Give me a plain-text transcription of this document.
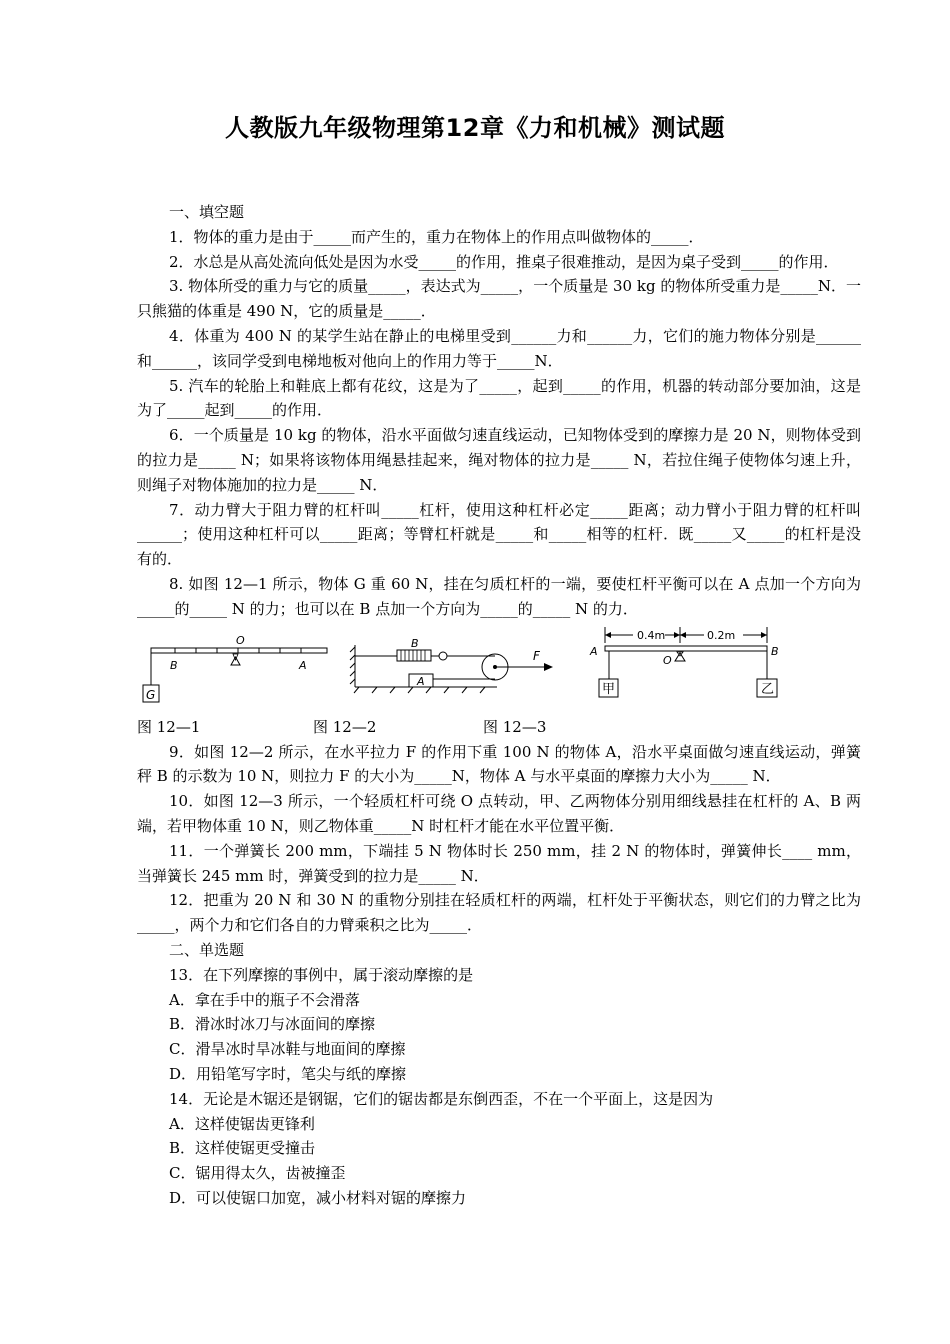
人教版九年级物理第12章《力和机械》测试题

一、填空题

1．物体的重力是由于_____而产生的，重力在物体上的作用点叫做物体的_____．

2．水总是从高处流向低处是因为水受_____的作用，推桌子很难推动，是因为桌子受到_____的作用．

3. 物体所受的重力与它的质量_____，表达式为_____，一个质量是 30 kg 的物体所受重力是_____N．一只熊猫的体重是 490 N，它的质量是_____．

4．体重为 400 N 的某学生站在静止的电梯里受到______力和______力，它们的施力物体分别是______和______，该同学受到电梯地板对他向上的作用力等于_____N．

5. 汽车的轮胎上和鞋底上都有花纹，这是为了_____，起到_____的作用，机器的转动部分要加油，这是为了_____起到_____的作用．

6．一个质量是 10 kg 的物体，沿水平面做匀速直线运动，已知物体受到的摩擦力是 20 N，则物体受到的拉力是_____ N；如果将该物体用绳悬挂起来，绳对物体的拉力是_____ N，若拉住绳子使物体匀速上升，则绳子对物体施加的拉力是_____ N．

7．动力臂大于阻力臂的杠杆叫_____杠杆，使用这种杠杆必定_____距离；动力臂小于阻力臂的杠杆叫______；使用这种杠杆可以_____距离；等臂杠杆就是_____和_____相等的杠杆．既_____又_____的杠杆是没有的．

8. 如图 12—1 所示，物体 G 重 60 N，挂在匀质杠杆的一端，要使杠杆平衡可以在 A 点加一个方向为_____的_____ N 的力；也可以在 B 点加一个方向为_____的_____ N 的力．

G
B
O
A
B
A
F
0.4m	0.2m
A
O
B
甲	乙
图 12—1	图 12—2	图 12—3

9．如图 12—2 所示，在水平拉力 F 的作用下重 100 N 的物体 A，沿水平桌面做匀速直线运动，弹簧秤 B 的示数为 10 N，则拉力 F 的大小为_____N，物体 A 与水平桌面的摩擦力大小为_____ N．

10．如图 12—3 所示，一个轻质杠杆可绕 O 点转动，甲、乙两物体分别用细线悬挂在杠杆的 A、B 两端，若甲物体重 10 N，则乙物体重_____N 时杠杆才能在水平位置平衡．

11．一个弹簧长 200 mm，下端挂 5 N 物体时长 250 mm，挂 2 N 的物体时，弹簧伸长____ mm，当弹簧长 245 mm 时，弹簧受到的拉力是_____ N．

12．把重为 20 N 和 30 N 的重物分别挂在轻质杠杆的两端，杠杆处于平衡状态，则它们的力臂之比为_____，两个力和它们各自的力臂乘积之比为_____．

二、单选题

13．在下列摩擦的事例中，属于滚动摩擦的是

A．拿在手中的瓶子不会滑落

B．滑冰时冰刀与冰面间的摩擦

C．滑旱冰时旱冰鞋与地面间的摩擦

D．用铅笔写字时，笔尖与纸的摩擦

14．无论是木锯还是钢锯，它们的锯齿都是东倒西歪，不在一个平面上，这是因为

A．这样使锯齿更锋利

B．这样使锯更受撞击

C．锯用得太久，齿被撞歪

D．可以使锯口加宽，减小材料对锯的摩擦力
